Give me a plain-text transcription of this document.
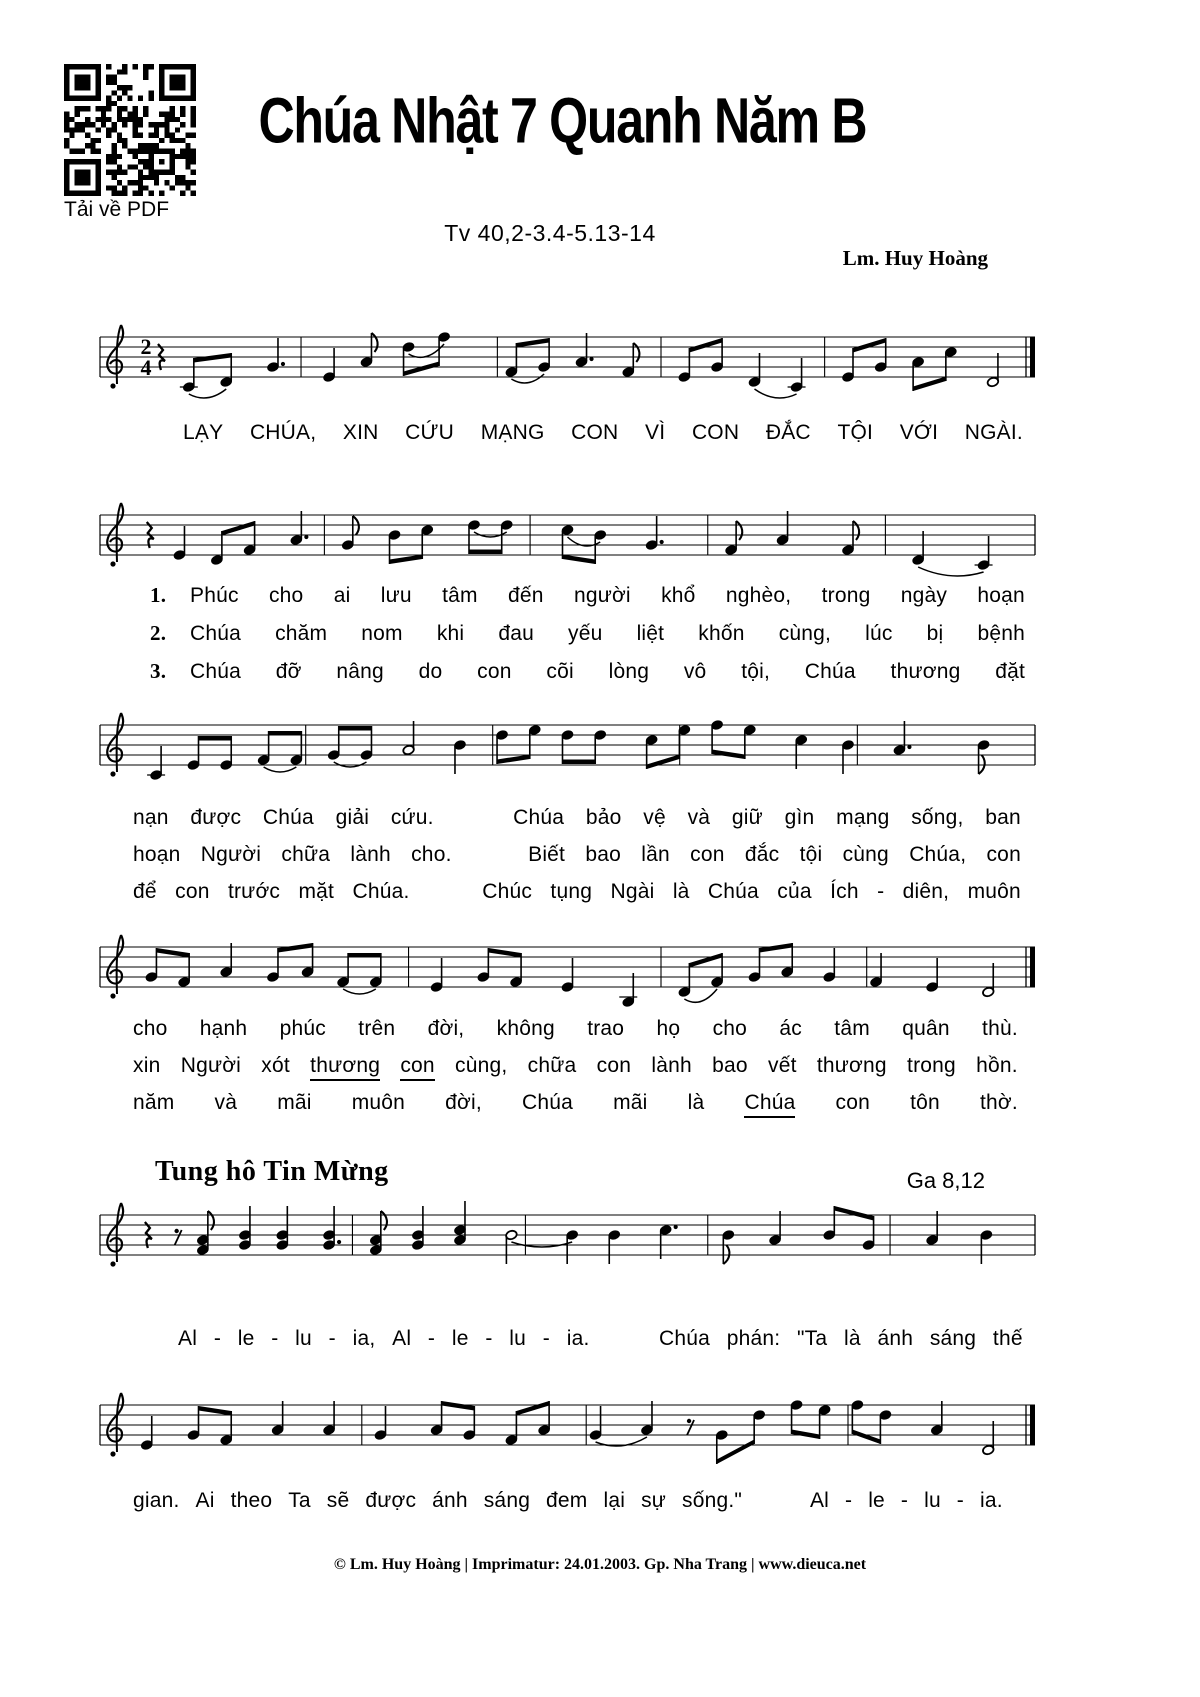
Tải về PDF
Chúa Nhật 7 Quanh Năm B
Tv 40,2-3.4-5.13-14
Lm. Huy Hoàng
2
4
LẠY CHÚA, XIN CỨU MẠNG CON VÌ CON ĐẮC TỘI VỚI NGÀI.
1.	Phúc cho ai lưu tâm đến người khổ nghèo, trong ngày hoạn
2.	Chúa chăm nom khi đau yếu liệt khốn cùng, lúc bị bệnh
3.	Chúa đỡ nâng do con cõi lòng vô tội, Chúa thương đặt
nạn được Chúa giải cứu.
	Chúa bảo vệ và giữ gìn mạng sống, ban
hoạn Người chữa lành cho.
	Biết bao lần con đắc tội cùng Chúa, con
để con trước mặt Chúa.
	Chúc tụng Ngài là Chúa của Ích - diên, muôn
cho hạnh phúc trên đời, không trao họ cho ác tâm quân thù.
xin Người xót thương con cùng, chữa con lành bao vết thương trong hồn.
năm và mãi muôn đời, Chúa mãi là Chúa con tôn thờ.
Tung hô Tin Mừng	Ga 8,12
Al - le - lu - ia, Al - le - lu - ia.
	Chúa phán: "Ta là ánh sáng thế
gian. Ai theo Ta sẽ được ánh sáng đem lại sự sống."
	Al - le - lu - ia.
© Lm. Huy Hoàng | Imprimatur: 24.01.2003. Gp. Nha Trang | www.dieuca.net
